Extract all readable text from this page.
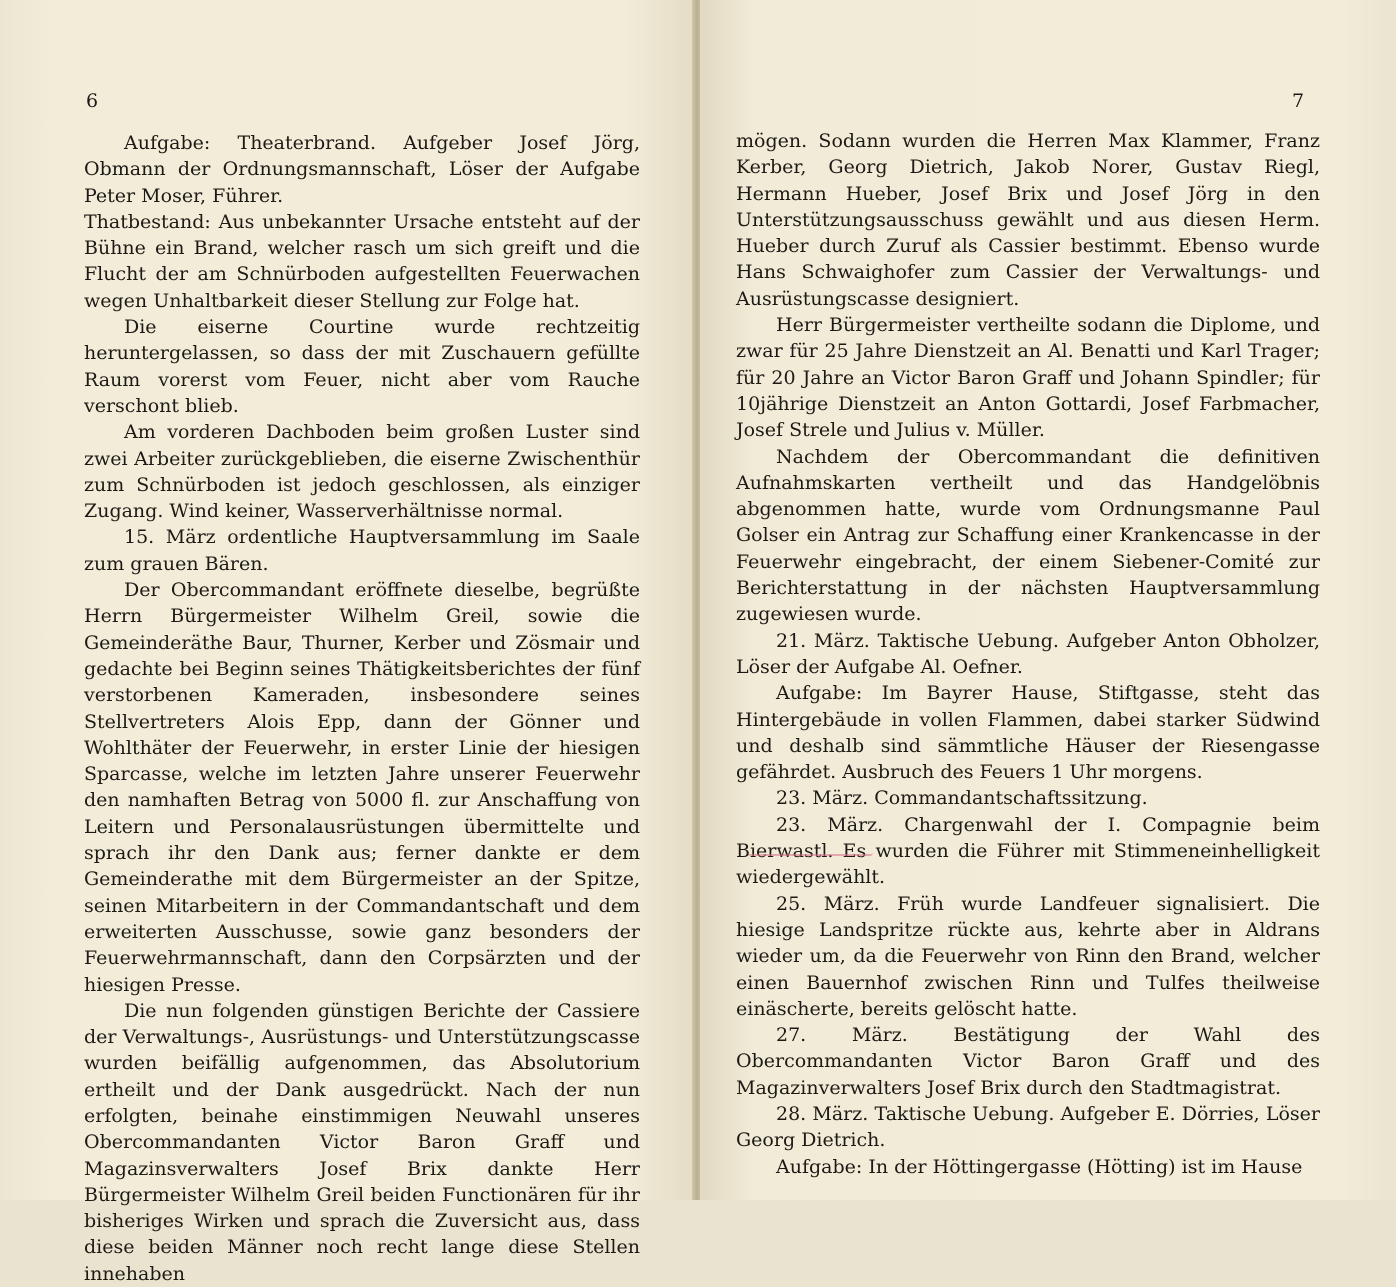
6

Aufgabe: Theaterbrand. Aufgeber Josef Jörg, Obmann der Ordnungsmannschaft, Löser der Aufgabe Peter Moser, Führer.

Thatbestand: Aus unbekannter Ursache entsteht auf der Bühne ein Brand, welcher rasch um sich greift und die Flucht der am Schnürboden aufgestellten Feuerwachen wegen Unhaltbarkeit dieser Stellung zur Folge hat.

Die eiserne Courtine wurde rechtzeitig heruntergelassen, so dass der mit Zuschauern gefüllte Raum vorerst vom Feuer, nicht aber vom Rauche verschont blieb.

Am vorderen Dachboden beim großen Luster sind zwei Arbeiter zurückgeblieben, die eiserne Zwischenthür zum Schnürboden ist jedoch geschlossen, als einziger Zugang. Wind keiner, Wasserverhältnisse normal.

15. März ordentliche Hauptversammlung im Saale zum grauen Bären.

Der Obercommandant eröffnete dieselbe, begrüßte Herrn Bürgermeister Wilhelm Greil, sowie die Gemeinderäthe Baur, Thurner, Kerber und Zösmair und gedachte bei Beginn seines Thätigkeitsberichtes der fünf verstorbenen Kameraden, insbesondere seines Stellvertreters Alois Epp, dann der Gönner und Wohlthäter der Feuerwehr, in erster Linie der hiesigen Sparcasse, welche im letzten Jahre unserer Feuerwehr den namhaften Betrag von 5000 fl. zur Anschaffung von Leitern und Personalausrüstungen übermittelte und sprach ihr den Dank aus; ferner dankte er dem Gemeinderathe mit dem Bürgermeister an der Spitze, seinen Mitarbeitern in der Commandantschaft und dem erweiterten Ausschusse, sowie ganz besonders der Feuerwehrmannschaft, dann den Corpsärzten und der hiesigen Presse.

Die nun folgenden günstigen Berichte der Cassiere der Verwaltungs-, Ausrüstungs- und Unterstützungscasse wurden beifällig aufgenommen, das Absolutorium ertheilt und der Dank ausgedrückt. Nach der nun erfolgten, beinahe einstimmigen Neuwahl unseres Obercommandanten Victor Baron Graff und Magazinsverwalters Josef Brix dankte Herr Bürgermeister Wilhelm Greil beiden Functionären für ihr bisheriges Wirken und sprach die Zuversicht aus, dass diese beiden Männer noch recht lange diese Stellen innehaben

7

mögen. Sodann wurden die Herren Max Klammer, Franz Kerber, Georg Dietrich, Jakob Norer, Gustav Riegl, Hermann Hueber, Josef Brix und Josef Jörg in den Unterstützungsausschuss gewählt und aus diesen Herm. Hueber durch Zuruf als Cassier bestimmt. Ebenso wurde Hans Schwaighofer zum Cassier der Verwaltungs- und Ausrüstungscasse designiert.

Herr Bürgermeister vertheilte sodann die Diplome, und zwar für 25 Jahre Dienstzeit an Al. Benatti und Karl Trager; für 20 Jahre an Victor Baron Graff und Johann Spindler; für 10jährige Dienstzeit an Anton Gottardi, Josef Farbmacher, Josef Strele und Julius v. Müller.

Nachdem der Obercommandant die definitiven Aufnahmskarten vertheilt und das Handgelöbnis abgenommen hatte, wurde vom Ordnungsmanne Paul Golser ein Antrag zur Schaffung einer Krankencasse in der Feuerwehr eingebracht, der einem Siebener-Comité zur Berichterstattung in der nächsten Hauptversammlung zugewiesen wurde.

21. März. Taktische Uebung. Aufgeber Anton Obholzer, Löser der Aufgabe Al. Oefner.

Aufgabe: Im Bayrer Hause, Stiftgasse, steht das Hintergebäude in vollen Flammen, dabei starker Südwind und deshalb sind sämmtliche Häuser der Riesengasse gefährdet. Ausbruch des Feuers 1 Uhr morgens.

23. März. Commandantschaftssitzung.

23. März. Chargenwahl der I. Compagnie beim Bierwastl. Es wurden die Führer mit Stimmeneinhelligkeit wiedergewählt.

25. März. Früh wurde Landfeuer signalisiert. Die hiesige Landspritze rückte aus, kehrte aber in Aldrans wieder um, da die Feuerwehr von Rinn den Brand, welcher einen Bauernhof zwischen Rinn und Tulfes theilweise einäscherte, bereits gelöscht hatte.

27. März. Bestätigung der Wahl des Obercommandanten Victor Baron Graff und des Magazinverwalters Josef Brix durch den Stadtmagistrat.

28. März. Taktische Uebung. Aufgeber E. Dörries, Löser Georg Dietrich.

Aufgabe: In der Höttingergasse (Hötting) ist im Hause
